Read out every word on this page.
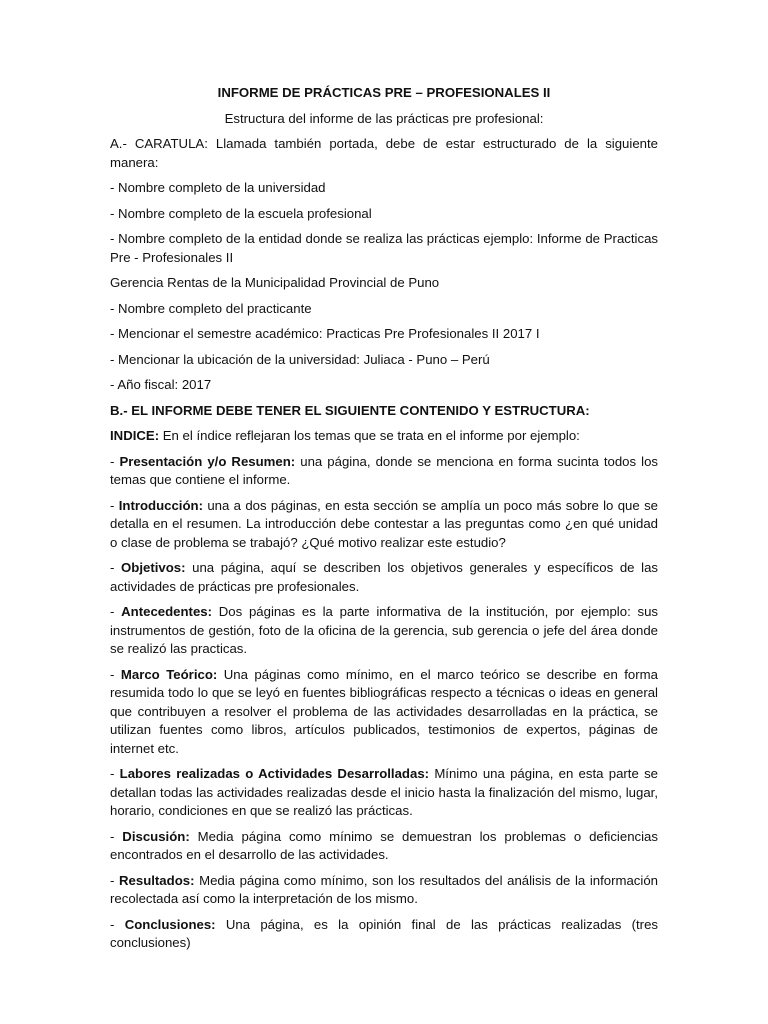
INFORME DE PRÁCTICAS PRE – PROFESIONALES II
Estructura del informe de las prácticas pre profesional:
A.- CARATULA: Llamada también portada, debe de estar estructurado de la siguiente manera:
- Nombre completo de la universidad
- Nombre completo de la escuela profesional
- Nombre completo de la entidad donde se realiza las prácticas ejemplo: Informe de Practicas Pre - Profesionales II
Gerencia Rentas de la Municipalidad Provincial de Puno
- Nombre completo del practicante
- Mencionar el semestre académico: Practicas Pre Profesionales II 2017 I
- Mencionar la ubicación de la universidad: Juliaca - Puno – Perú
- Año fiscal: 2017
B.- EL INFORME DEBE TENER EL SIGUIENTE CONTENIDO Y ESTRUCTURA:
INDICE: En el índice reflejaran los temas que se trata en el informe por ejemplo:
- Presentación y/o Resumen: una página, donde se menciona en forma sucinta todos los temas que contiene el informe.
- Introducción: una a dos páginas, en esta sección se amplía un poco más sobre lo que se detalla en el resumen. La introducción debe contestar a las preguntas como ¿en qué unidad o clase de problema se trabajó? ¿Qué motivo realizar este estudio?
- Objetivos: una página, aquí se describen los objetivos generales y específicos de las actividades de prácticas pre profesionales.
- Antecedentes: Dos páginas es la parte informativa de la institución, por ejemplo: sus instrumentos de gestión, foto de la oficina de la gerencia, sub gerencia o jefe del área donde se realizó las practicas.
- Marco Teórico: Una páginas como mínimo, en el marco teórico se describe en forma resumida todo lo que se leyó en fuentes bibliográficas respecto a técnicas o ideas en general que contribuyen a resolver el problema de las actividades desarrolladas en la práctica, se utilizan fuentes como libros, artículos publicados, testimonios de expertos, páginas de internet etc.
- Labores realizadas o Actividades Desarrolladas: Mínimo una página, en esta parte se detallan todas las actividades realizadas desde el inicio hasta la finalización del mismo, lugar, horario, condiciones en que se realizó las prácticas.
- Discusión: Media página como mínimo se demuestran los problemas o deficiencias encontrados en el desarrollo de las actividades.
- Resultados: Media página como mínimo, son los resultados del análisis de la información recolectada así como la interpretación de los mismo.
- Conclusiones: Una página, es la opinión final de las prácticas realizadas (tres conclusiones)
